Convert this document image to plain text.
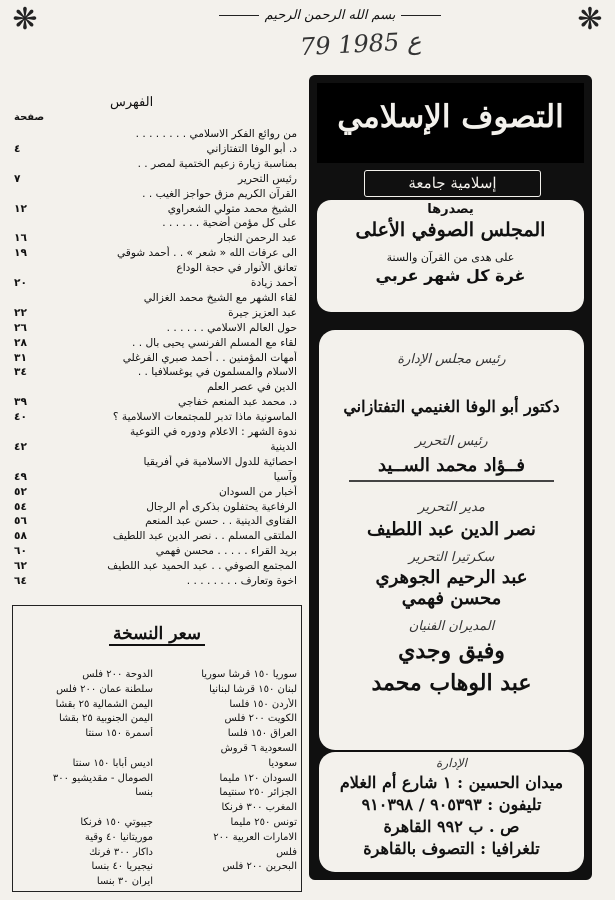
❋	❋
بسم الله الرحمن الرحيم
79 ع 1985
التصوف الإسلامي
إسلامية جامعة
يصدرها
المجلس الصوفي الأعلى
على هدى من القرآن والسنة
غرة كل شهر عربي
رئيس مجلس الإدارة
دكتور أبو الوفا الغنيمي التفتازاني
رئيس التحرير
فــؤاد محمد الســيد
مدير التحرير
نصر الدين عبد اللطيف
سكرتيرا التحرير
عبد الرحيم الجوهري
محسن فهمي
المديران الفنيان
وفيق وجدي
عبد الوهاب محمد
الإدارة
ميدان الحسين : ١ شارع أم الغلام
تليفون : ٩٠٥٣٩٣ / ٩١٠٣٩٨
ص . ب ٩٩٢ القاهرة
تلغرافيا : التصوف بالقاهرة
الفهرس
صفحة
من روائع الفكر الاسلامي . . . . . . . .
د. أبو الوفا التفتازاني
٤
بمناسبة زيارة زعيم الختمية لمصر . .
رئيس التحرير
٧
القرآن الكريم مزق حواجز الغيب . .
الشيخ محمد متولي الشعراوي
١٢
على كل مؤمن أضحية . . . . . .
عبد الرحمن النجار
١٦
الى عرفات الله « شعر » . . أحمد شوقي
١٩
تعانق الأنوار في حجة الوداع
أحمد زيادة
٢٠
لقاء الشهر مع الشيخ محمد الغزالي
عبد العزيز جيرة
٢٢
حول العالم الاسلامي . . . . . .
٢٦
لقاء مع المسلم الفرنسي يحيى بال . .
٢٨
أمهات المؤمنين . . أحمد صبري الفرغلي
٣١
الاسلام والمسلمون في يوغسلافيا . .
٣٤
الدين في عصر العلم
د. محمد عبد المنعم خفاجي
٣٩
الماسونية ماذا تدبر للمجتمعات الاسلامية ؟
٤٠
ندوة الشهر : الاعلام ودوره في التوعية
الدينية
٤٢
احصائية للدول الاسلامية في أفريقيا
وآسيا
٤٩
أخبار من السودان
٥٢
الرفاعية يحتفلون بذكرى أم الرجال
٥٤
الفتاوى الدينية . . حسن عبد المنعم
٥٦
الملتقى المسلم . . نصر الدين عبد اللطيف
٥٨
بريد القراء . . . . . محسن فهمي
٦٠
المجتمع الصوفي . . عبد الحميد عبد اللطيف
٦٢
اخوة وتعارف . . . . . . . .
٦٤
سعر النسخة
سوريا ١٥٠ قرشا سوريا
لبنان ١٥٠ قرشا لبنانيا
الأردن ١٥٠ فلسا
الكويت ٢٠٠ فلس
العراق ١٥٠ فلسا
السعودية ٦ قروش
سعوديا
السودان ١٢٠ مليما
الجزائر ٢٥٠ سنتيما
المغرب ٣٠٠ فرنكا
تونس ٢٥٠ مليما
الامارات العربية ٢٠٠
فلس
البحرين ٢٠٠ فلس
الدوحة ٢٠٠ فلس
سلطنة عمان ٢٠٠ فلس
اليمن الشمالية ٢٥ بقشا
اليمن الجنوبية ٢٥ بقشا
أسمرة ١٥٠ سنتا
اديس أبابا ١٥٠ سنتا
الصومال - مقديشيو ٣٠٠
بنسا
جيبوتي ١٥٠ فرنكا
موريتانيا ٤٠ وقية
داكار ٣٠٠ فرنك
نيجيريا ٤٠ بنسا
ايران ٣٠ بنسا
